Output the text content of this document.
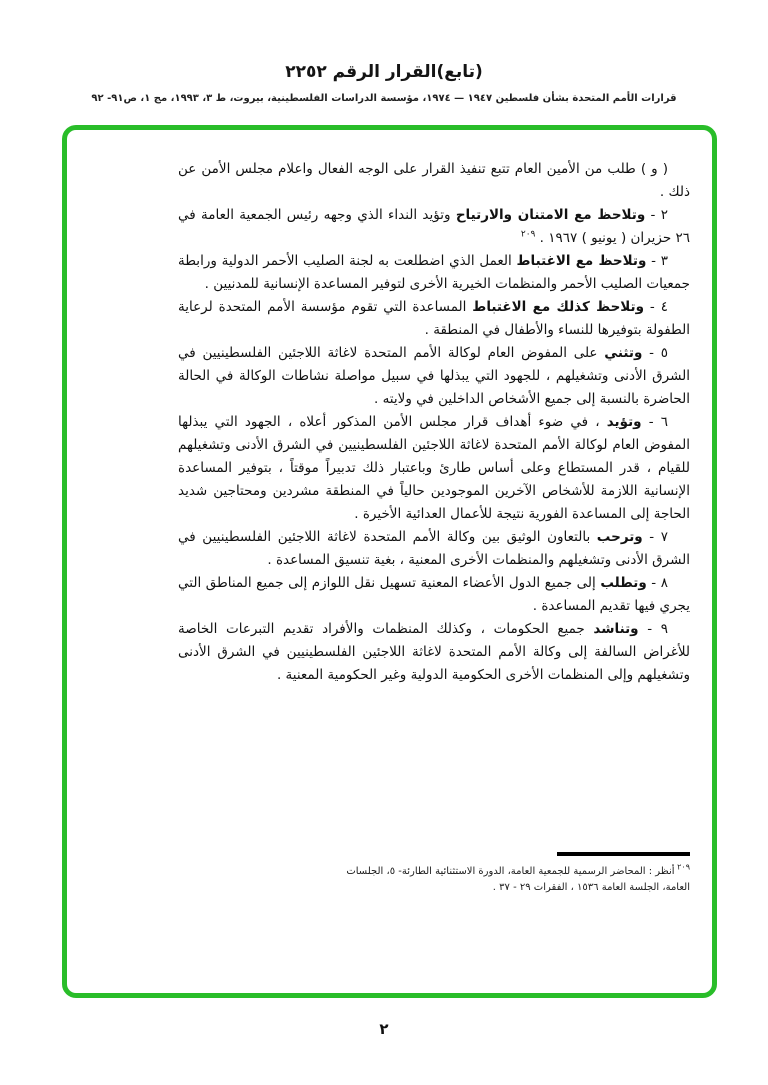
(تابع)القرار الرقم ٢٢٥٢
قرارات الأمم المتحدة بشأن فلسطين ١٩٤٧ — ١٩٧٤، مؤسسة الدراسات الفلسطينية، بيروت، ط ٣، ١٩٩٣، مج ١، ص٩١- ٩٢

( و ) طلب من الأمين العام تتبع تنفيذ القرار على الوجه الفعال واعلام مجلس الأمن عن ذلك .

٢ - وتلاحظ مع الامتنان والارتياح وتؤيد النداء الذي وجهه رئيس الجمعية العامة في ٢٦ حزيران ( يونيو ) ١٩٦٧ . $^{٢٠٩}$

٣ - وتلاحظ مع الاغتباط العمل الذي اضطلعت به لجنة الصليب الأحمر الدولية ورابطة جمعيات الصليب الأحمر والمنظمات الخيرية الأخرى لتوفير المساعدة الإنسانية للمدنيين .

٤ - وتلاحظ كذلك مع الاغتباط المساعدة التي تقوم مؤسسة الأمم المتحدة لرعاية الطفولة بتوفيرها للنساء والأطفال في المنطقة .

٥ - وتثني على المفوض العام لوكالة الأمم المتحدة لاغاثة اللاجئين الفلسطينيين في الشرق الأدنى وتشغيلهم ، للجهود التي يبذلها في سبيل مواصلة نشاطات الوكالة في الحالة الحاضرة بالنسبة إلى جميع الأشخاص الداخلين في ولايته .

٦ - وتؤيد ، في ضوء أهداف قرار مجلس الأمن المذكور أعلاه ، الجهود التي يبذلها المفوض العام لوكالة الأمم المتحدة لاغاثة اللاجئين الفلسطينيين في الشرق الأدنى وتشغيلهم للقيام ، قدر المستطاع وعلى أساس طارئ وباعتبار ذلك تدبيراً موقتاً ، بتوفير المساعدة الإنسانية اللازمة للأشخاص الآخرين الموجودين حالياً في المنطقة مشردين ومحتاجين شديد الحاجة إلى المساعدة الفورية نتيجة للأعمال العدائية الأخيرة .

٧ - وترحب بالتعاون الوثيق بين وكالة الأمم المتحدة لاغاثة اللاجئين الفلسطينيين في الشرق الأدنى وتشغيلهم والمنظمات الأخرى المعنية ، بغية تنسيق المساعدة .

٨ - وتطلب إلى جميع الدول الأعضاء المعنية تسهيل نقل اللوازم إلى جميع المناطق التي يجري فيها تقديم المساعدة .

٩ - وتناشد جميع الحكومات ، وكذلك المنظمات والأفراد تقديم التبرعات الخاصة للأغراض السالفة إلى وكالة الأمم المتحدة لاغاثة اللاجئين الفلسطينيين في الشرق الأدنى وتشغيلهم وإلى المنظمات الأخرى الحكومية الدولية وغير الحكومية المعنية .

$^{٢٠٩}$ أنظر : المحاضر الرسمية للجمعية العامة، الدورة الاستثنائية الطارئة- ٥، الجلسات العامة، الجلسة العامة ١٥٣٦ ، الفقرات ٢٩ - ٣٧ .
٢
